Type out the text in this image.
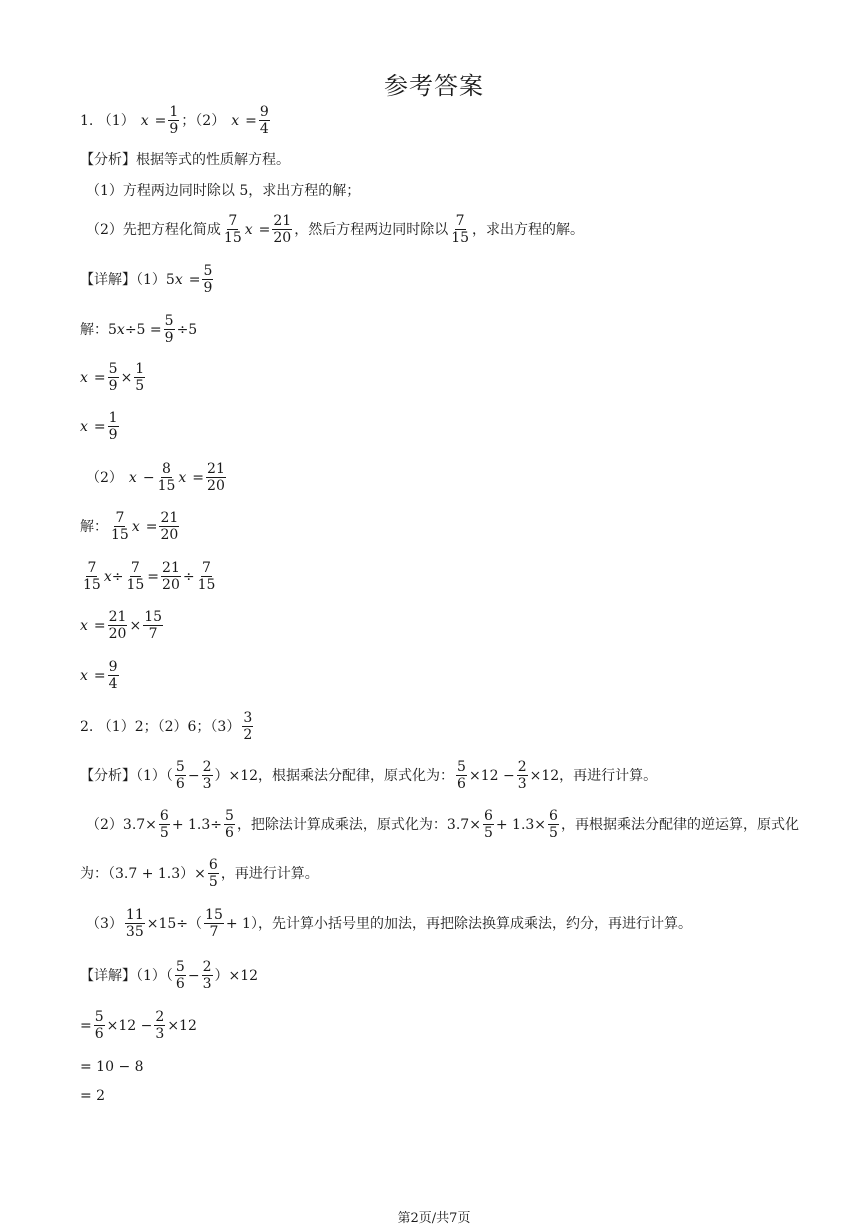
参考答案
1. （1） $x = \frac{1}{9}$ ；（2） $x = \frac{9}{4}$
【分析】根据等式的性质解方程。
（1）方程两边同时除以 5，求出方程的解；
（2）先把方程化简成 $\frac{7}{15}$ $x = \frac{21}{20}$ ，然后方程两边同时除以 $\frac{7}{15}$ ，求出方程的解。
【详解】（1）5 $x = \frac{5}{9}$
解：5 $x \div 5 = \frac{5}{9} \div 5$
$x = \frac{5}{9} \times \frac{1}{5}$
$x = \frac{1}{9}$
（2） $x - \frac{8}{15}$ $x = \frac{21}{20}$
解： $\frac{7}{15}$ $x = \frac{21}{20}$
$\frac{7}{15}$ $x \div \frac{7}{15} = \frac{21}{20} \div \frac{7}{15}$
$x = \frac{21}{20} \times \frac{15}{7}$
$x = \frac{9}{4}$
2. （1）2；（2）6；$(3) \frac{3}{2}$
【分析】$(1)( \frac{5}{6} - \frac{2}{3} )\times 12$，根据乘法分配律，原式化为： $\frac{5}{6} \times 12 - \frac{2}{3} \times 12$，再进行计算。
$(2)3.7\times \frac{6}{5} + 1.3\div \frac{5}{6}$ ，把除法计算成乘法，原式化为：$3.7\times \frac{6}{5} + 1.3\times \frac{6}{5}$ ，再根据乘法分配律的逆运算，原式化
为：$(3.7 + 1.3)\times \frac{6}{5}$ ，再进行计算。
$(3) \frac{11}{35} \times 15\div( \frac{15}{7} + 1)$，先计算小括号里的加法，再把除法换算成乘法，约分，再进行计算。
【详解】$(1)( \frac{5}{6} - \frac{2}{3} )\times 12$
= $\frac{5}{6} \times 12 - \frac{2}{3} \times 12$
= 10 − 8
= 2
第2页/共7页
